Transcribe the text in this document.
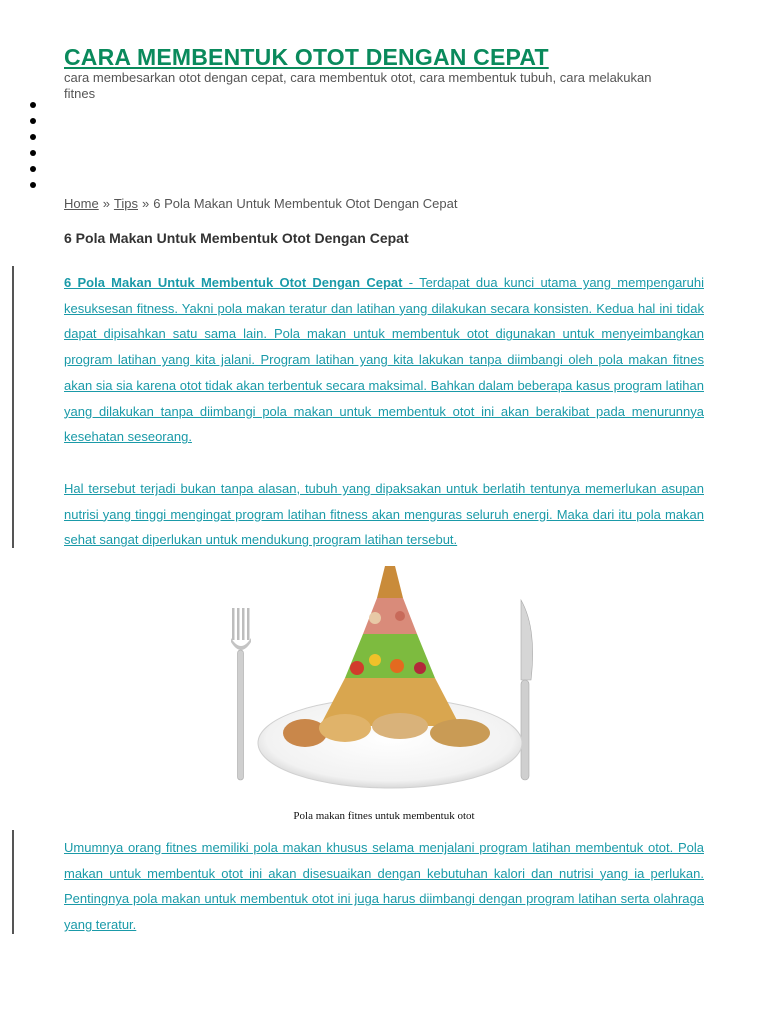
CARA MEMBENTUK OTOT DENGAN CEPAT
cara membesarkan otot dengan cepat, cara membentuk otot, cara membentuk tubuh, cara melakukan fitnes
Home » Tips » 6 Pola Makan Untuk Membentuk Otot Dengan Cepat
6 Pola Makan Untuk Membentuk Otot Dengan Cepat

6 Pola Makan Untuk Membentuk Otot Dengan Cepat - Terdapat dua kunci utama yang mempengaruhi kesuksesan fitness. Yakni pola makan teratur dan latihan yang dilakukan secara konsisten. Kedua hal ini tidak dapat dipisahkan satu sama lain. Pola makan untuk membentuk otot digunakan untuk menyeimbangkan program latihan yang kita jalani. Program latihan yang kita lakukan tanpa diimbangi oleh pola makan fitnes akan sia sia karena otot tidak akan terbentuk secara maksimal. Bahkan dalam beberapa kasus program latihan yang dilakukan tanpa diimbangi pola makan untuk membentuk otot ini akan berakibat pada menurunnya kesehatan seseorang.

Hal tersebut terjadi bukan tanpa alasan, tubuh yang dipaksakan untuk berlatih tentunya memerlukan asupan nutrisi yang tinggi mengingat program latihan fitness akan menguras seluruh energi. Maka dari itu pola makan sehat sangat diperlukan untuk mendukung program latihan tersebut.

Pola makan fitnes untuk membentuk otot

Umumnya orang fitnes memiliki pola makan khusus selama menjalani program latihan membentuk otot. Pola makan untuk membentuk otot ini akan disesuaikan dengan kebutuhan kalori dan nutrisi yang ia perlukan. Pentingnya pola makan untuk membentuk otot ini juga harus diimbangi dengan program latihan serta olahraga yang teratur.
